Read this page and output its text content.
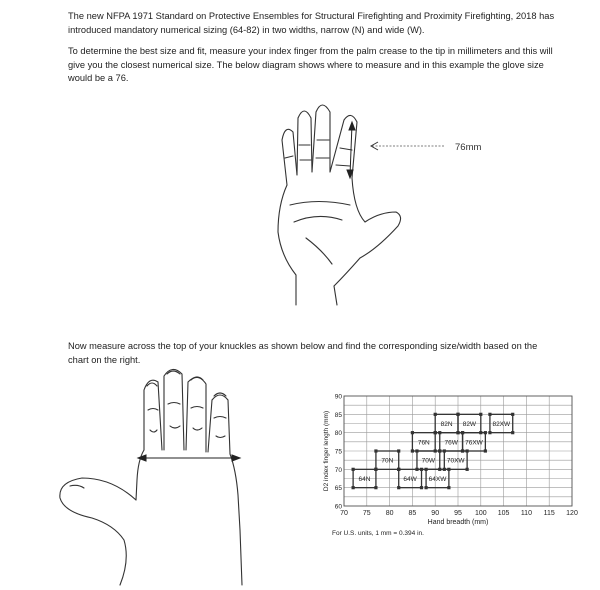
The new NFPA 1971 Standard on Protective Ensembles for Structural Firefighting and Proximity Firefighting, 2018 has introduced mandatory numerical sizing (64-82) in two widths, narrow (N) and wide (W).

To determine the best size and fit, measure your index finger from the palm crease to the tip in millimeters and this will give you the closest numerical size. The below diagram shows where to measure and in this example the glove size would be a 76.

76mm

Now measure across the top of your knuckles as shown below and find the corresponding size/width based on the chart on the right.

70 75 80 85 90 95 100 105 110 115 120
60
65
70
75
80
85
90
Hand breadth (mm)
D2 index finger length (mm)	82N 82W	82XW
76N 76W 76XW
70N	70W 70XW
64N	64W 64XW
For U.S. units, 1 mm = 0.394 in.
